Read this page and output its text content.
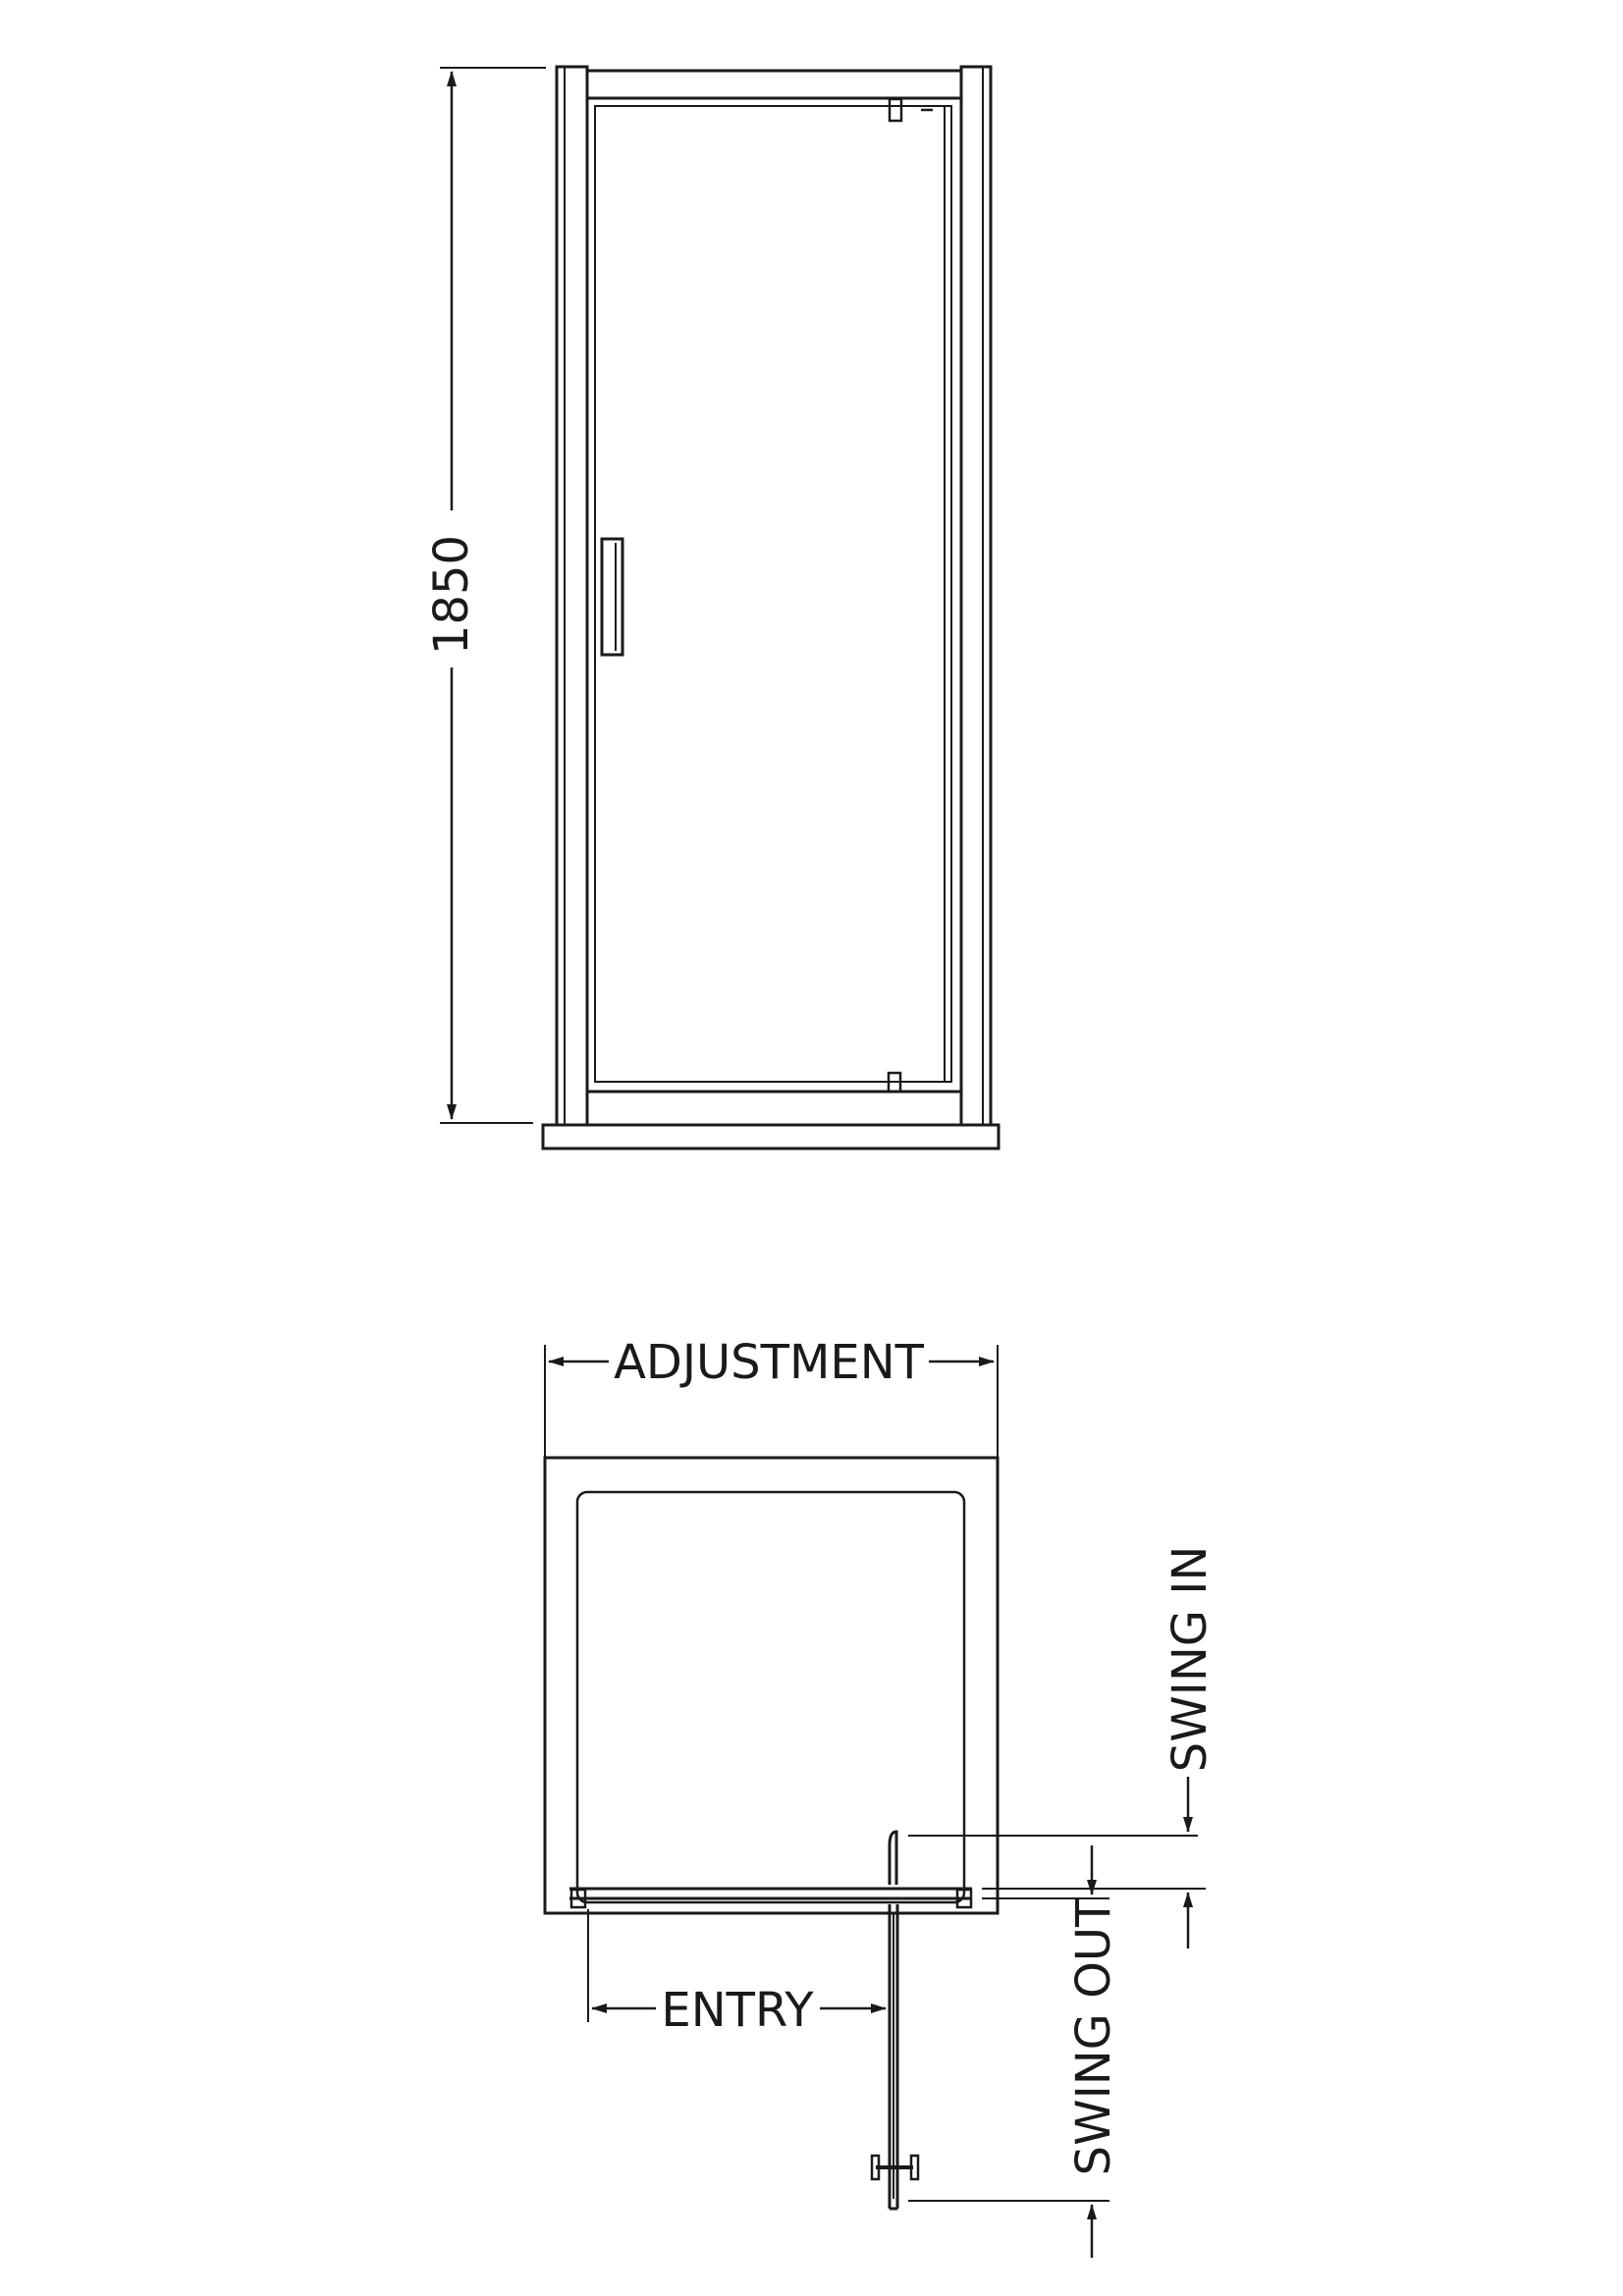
1850
ADJUSTMENT
ENTRY
SWING IN
SWING OUT
